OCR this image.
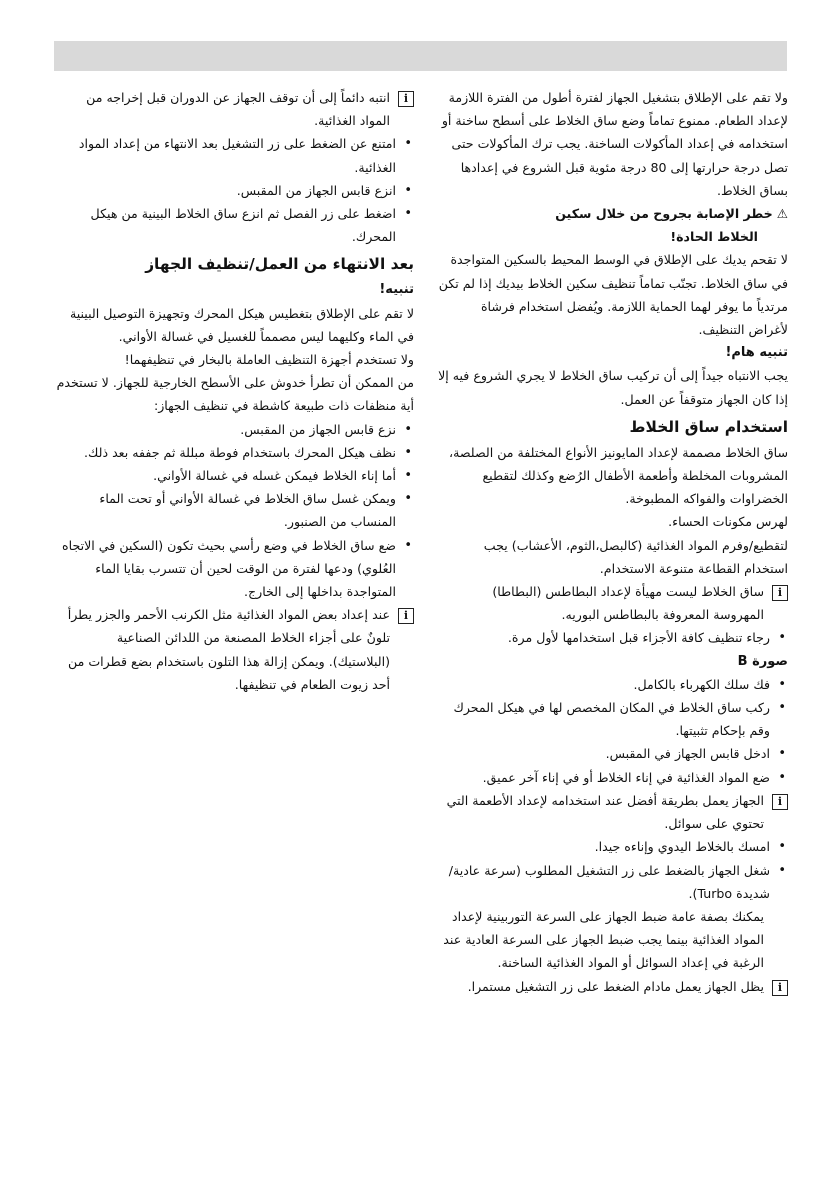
ولا تقم على الإطلاق بتشغيل الجهاز لفترة أطول من الفترة اللازمة لإعداد الطعام. ممنوع تماماً وضع ساق الخلاط على أسطح ساخنة أو استخدامه في إعداد المأكولات الساخنة. يجب ترك المأكولات حتى تصل درجة حرارتها إلى 80 درجة مئوية قبل الشروع في إعدادها بساق الخلاط.

⚠خطر الإصابة بجروح من خلال سكين

الخلاط الحادة!

لا تقحم يديك على الإطلاق في الوسط المحيط بالسكين المتواجدة في ساق الخلاط. تجنّب تماماً تنظيف سكين الخلاط بيديك إذا لم تكن مرتدياً ما يوفر لهما الحماية اللازمة. ويُفضل استخدام فرشاة لأغراض التنظيف.

تنبيه هام!

يجب الانتباه جيداً إلى أن تركيب ساق الخلاط لا يجري الشروع فيه إلا إذا كان الجهاز متوقفاً عن العمل.

استخدام ساق الخلاط

ساق الخلاط مصممة لإعداد المايونيز الأنواع المختلفة من الصلصة، المشروبات المخلطة وأطعمة الأطفال الرُضع وكذلك لتقطيع الخضراوات والفواكه المطبوخة.

لهرس مكونات الحساء.

لتقطيع/وفرم المواد الغذائية (كالبصل،الثوم، الأعشاب) يجب استخدام القطاعة متنوعة الاستخدام.

i
ساق الخلاط ليست مهيأة لإعداد البطاطس (البطاطا) المهروسة المعروفة بالبطاطس البوريه.
• رجاء تنظيف كافة الأجزاء قبل استخدامها لأول مرة.

صورة B

• فك سلك الكهرباء بالكامل.
• ركب ساق الخلاط في المكان المخصص لها في هيكل المحرك وقم بإحكام تثبيتها.
• ادخل قابس الجهاز في المقبس.
• ضع المواد الغذائية في إناء الخلاط أو في إناء آخر عميق.
i
الجهاز يعمل بطريقة أفضل عند استخدامه لإعداد الأطعمة التي تحتوي على سوائل.
• امسك بالخلاط اليدوي وإناءه جيدا.
• شغل الجهاز بالضغط على زر التشغيل المطلوب (سرعة عادية/شديدة Turbo).

يمكنك بصفة عامة ضبط الجهاز على السرعة التوربينية لإعداد المواد الغذائية بينما يجب ضبط الجهاز على السرعة العادية عند الرغبة في إعداد السوائل أو المواد الغذائية الساخنة.

i
يظل الجهاز يعمل مادام الضغط على زر التشغيل مستمرا.
i
انتبه دائماً إلى أن توقف الجهاز عن الدوران قبل إخراجه من المواد الغذائية.
• امتنع عن الضغط على زر التشغيل بعد الانتهاء من إعداد المواد الغذائية.
• انزع قابس الجهاز من المقبس.
• اضغط على زر الفصل ثم انزع ساق الخلاط البينية من هيكل المحرك.

بعد الانتهاء من العمل/تنظيف الجهاز

تنبيه!

لا تقم على الإطلاق بتغطيس هيكل المحرك وتجهيزة التوصيل البينية في الماء وكليهما ليس مصمماً للغسيل في غسالة الأواني.

ولا تستخدم أجهزة التنظيف العاملة بالبخار في تنظيفهما!

من الممكن أن تطرأ خدوش على الأسطح الخارجية للجهاز. لا تستخدم أية منظفات ذات طبيعة كاشطة في تنظيف الجهاز:

• نزع قابس الجهاز من المقبس.
• نظف هيكل المحرك باستخدام فوطة مبللة ثم جففه بعد ذلك.
• أما إناء الخلاط فيمكن غسله في غسالة الأواني.
• ويمكن غسل ساق الخلاط في غسالة الأواني أو تحت الماء المنساب من الصنبور.
• ضع ساق الخلاط في وضع رأسي بحيث تكون (السكين في الاتجاه العُلوي) ودعها لفترة من الوقت لحين أن تتسرب بقايا الماء المتواجدة بداخلها إلى الخارج.
i
عند إعداد بعض المواد الغذائية مثل الكرنب الأحمر والجزر يطرأ تلونٌ على أجزاء الخلاط المصنعة من اللدائن الصناعية (البلاستيك). ويمكن إزالة هذا التلون باستخدام بضع قطرات من أحد زيوت الطعام في تنظيفها.
